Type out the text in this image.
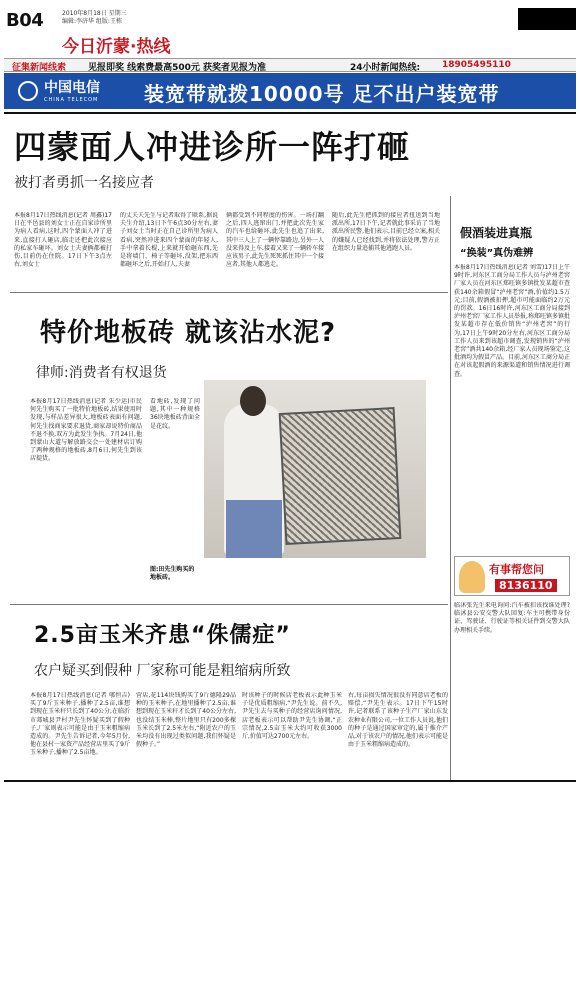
B04	2010年8月18日 星期三
编辑:李济华 组版:王栋
今日沂蒙·热线
征集新闻线索 见报即奖 线索费最高500元 获奖者见报为准	24小时新闻热线: 18905495110
中国电信
CHINA TELECOM 装宽带就拨10000号 足不出户装宽带
四蒙面人冲进诊所一阵打砸
被打者勇抓一名接应者
本报8月17日热线消息(记者 周鑫)17日在平邑县的刘女士正在自家诊所里为病人看病,这时,四个蒙面人冲了进来,直接打人砸店,临走还把此次接应的私家车砸坏。刘女士夫妻俩都被打伤,目前仍在住院。17日下午3点左右,刘女士
的丈夫夫先生与记者取得了联系,据说夫生介绍,13日下午6点30分左右,妻子刘女士当时正在自己诊所里为病人看病,突然冲进来四个蒙面的年轻人,手中拿着长棍,上来就开始砸东西,先是将墙门、椅子等砸坏,没架,把东西都砸坏之后,开始打人,夫妻
俩都受到不同程度的伤害。一场打翻之后,四人逃窜出门,并把此次先生家的汽车也给砸坏,此先生也追了出来,其中三人上了一辆停靠路边,另外一人没来得及上车,接着又来了一辆轿车接应该男子,此先生死死抓住其中一个接应者,其他人都逃走。
随后,此先生把抓到的接应者扭送到当地派出所,17日下午,记者就此事采访了当地派出所民警,他们表示,目前已经立案,相关的嫌疑人已经找到,并将依法处理,警方正在组织力量追捕其他逃跑人员。
特价地板砖 就该沾水泥?
律师:消费者有权退货
本报8月17日热线消息(记者 朱少运)市民何先生购买了一批特价地板砖,结果使用时发现,与样品差异很大,地板砖表面有问题,何先生找商家要求退货,商家却说特价商品不退不换,双方为此发生争执。7月24日,他到蒙山大道与解放路交会一处建材店订购了两种规格的地板砖,8月6日,何先生到该店提货。
看地砖,发现了问题,其中一种规格36块地板砖背面全是花纹。
图:田先生购买的地板砖。
2.5亩玉米齐患“侏儒症”
农户疑买到假种 厂家称可能是粗缩病所致
本报8月17日热线消息(记者 郇恒吉)买了9斤玉米种子,播种了2.5亩,谁想到现在玉米秆只长到了40公分,在临沂市郯城县尹村尹先生怀疑买到了假种子,厂家则表示可能是由于玉米粗缩病造成的。尹先生告诉记者,今年5月份,他在县村一家资产品经营店里买了9斤玉米种子,播种了2.5亩地。
营店,花114块钱购买了9斤德隆29品种的玉米种子,在地里播种了2.5亩,谁想到现在玉米秆才长到了40公分左右,也没结玉米棒,整片地里只有200多棵玉米长到了2.5米左右,“附近农户的玉米均没有出现过类似问题,我们怀疑是假种子。”
时该种子的时候店老板表示此种玉米子是优质粗缩病,“尹先生说。前不久,尹先生去与买种子的经营店询问情况,店老板表示可以帮助尹先生协调,“正宗情况,2.5亩玉米大约可收获3000斤,价值可达2700元左右。
右,每亩损失情况很没有同意店老板的赔偿,“尹先生表示。17日下午15时许,记者联系了该种子生产厂家山东发农种业有限公司,一位工作人员说,他们的种子是通过国家审定的,属于推介产品,对于该农户的情况,他们表示可能是由于玉米粗缩病造成的。
假酒装进真瓶
“换装”真伪难辨
本报8月17日热线消息(记者 刘雪)17日上午9时许,河东区工商分局工作人员与泸州老窖厂家人员在河东区郑旺镇多镇批发某超市查获140余箱假冒“泸州老窖”酒,价值约1.5万元;目前,假酒被扣押,超市可能面临约2万元的罚款。16日16时许,河东区工商分局接到泸州老窖厂家工作人员举报,称郑旺镇多镇批发某超市存在低价销售“泸州老窖”的行为,17日上午9时20分左右,河东区工商分局工作人员来到该超市调查,发现销售的“泸州老窖”酒共140余箱,经厂家人员现场鉴定,这批酒均为假冒产品。目前,河东区工商分局正在对该起假酒的来源渠道和销售情况进行调查。
有事帮您问
8136110
临沭张先生来电询问:汽车被扣该找谁处理?临沭县公安交警大队回复:车主可携带身份证、驾驶证、行驶证等相关证件到交警大队办理相关手续。
